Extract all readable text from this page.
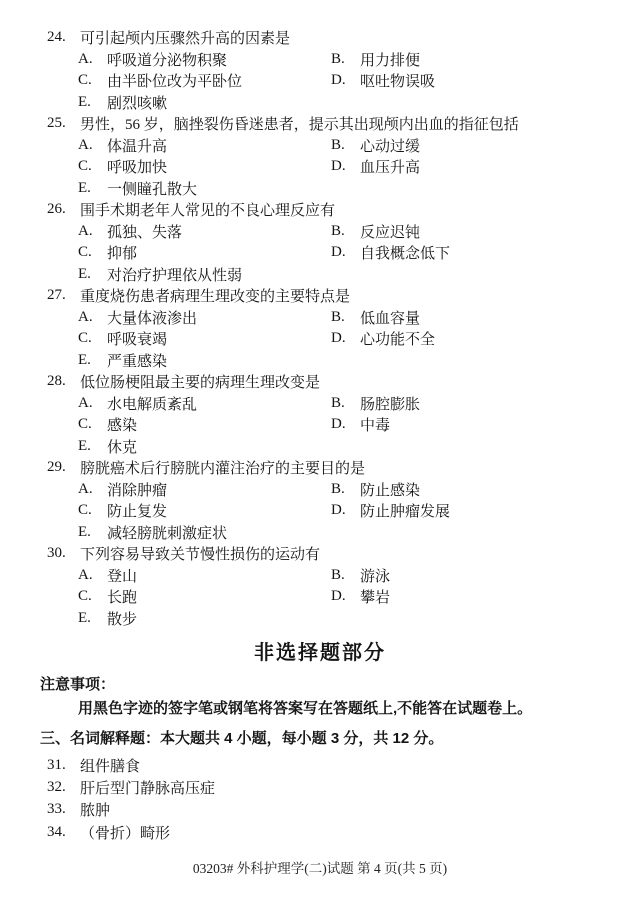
24. 可引起颅内压骤然升高的因素是
A. 呼吸道分泌物积聚	B.	用力排便
C.	由半卧位改为平卧位	D. 呕吐物误吸
E.	剧烈咳嗽
25. 男性，56 岁，脑挫裂伤昏迷患者，提示其出现颅内出血的指征包括
A. 体温升高	B.	心动过缓
C.	呼吸加快	D. 血压升高
E.	一侧瞳孔散大
26. 围手术期老年人常见的不良心理反应有
A. 孤独、失落	B.	反应迟钝
C.	抑郁	D. 自我概念低下
E.	对治疗护理依从性弱
27. 重度烧伤患者病理生理改变的主要特点是
A. 大量体液渗出	B.	低血容量
C.	呼吸衰竭	D. 心功能不全
E.	严重感染
28. 低位肠梗阻最主要的病理生理改变是
A. 水电解质紊乱	B.	肠腔膨胀
C.	感染	D. 中毒
E.	休克
29. 膀胱癌术后行膀胱内灌注治疗的主要目的是
A. 消除肿瘤	B.	防止感染
C.	防止复发	D. 防止肿瘤发展
E.	减轻膀胱刺激症状
30. 下列容易导致关节慢性损伤的运动有
A. 登山	B.	游泳
C.	长跑	D. 攀岩
E.	散步
非选择题部分
注意事项：
用黑色字迹的签字笔或钢笔将答案写在答题纸上,不能答在试题卷上。
三、名词解释题：本大题共 4 小题，每小题 3 分，共 12 分。
31. 组件膳食
32. 肝后型门静脉高压症
33. 脓肿
34. （骨折）畸形
03203# 外科护理学(二)试题 第 4 页(共 5 页)
